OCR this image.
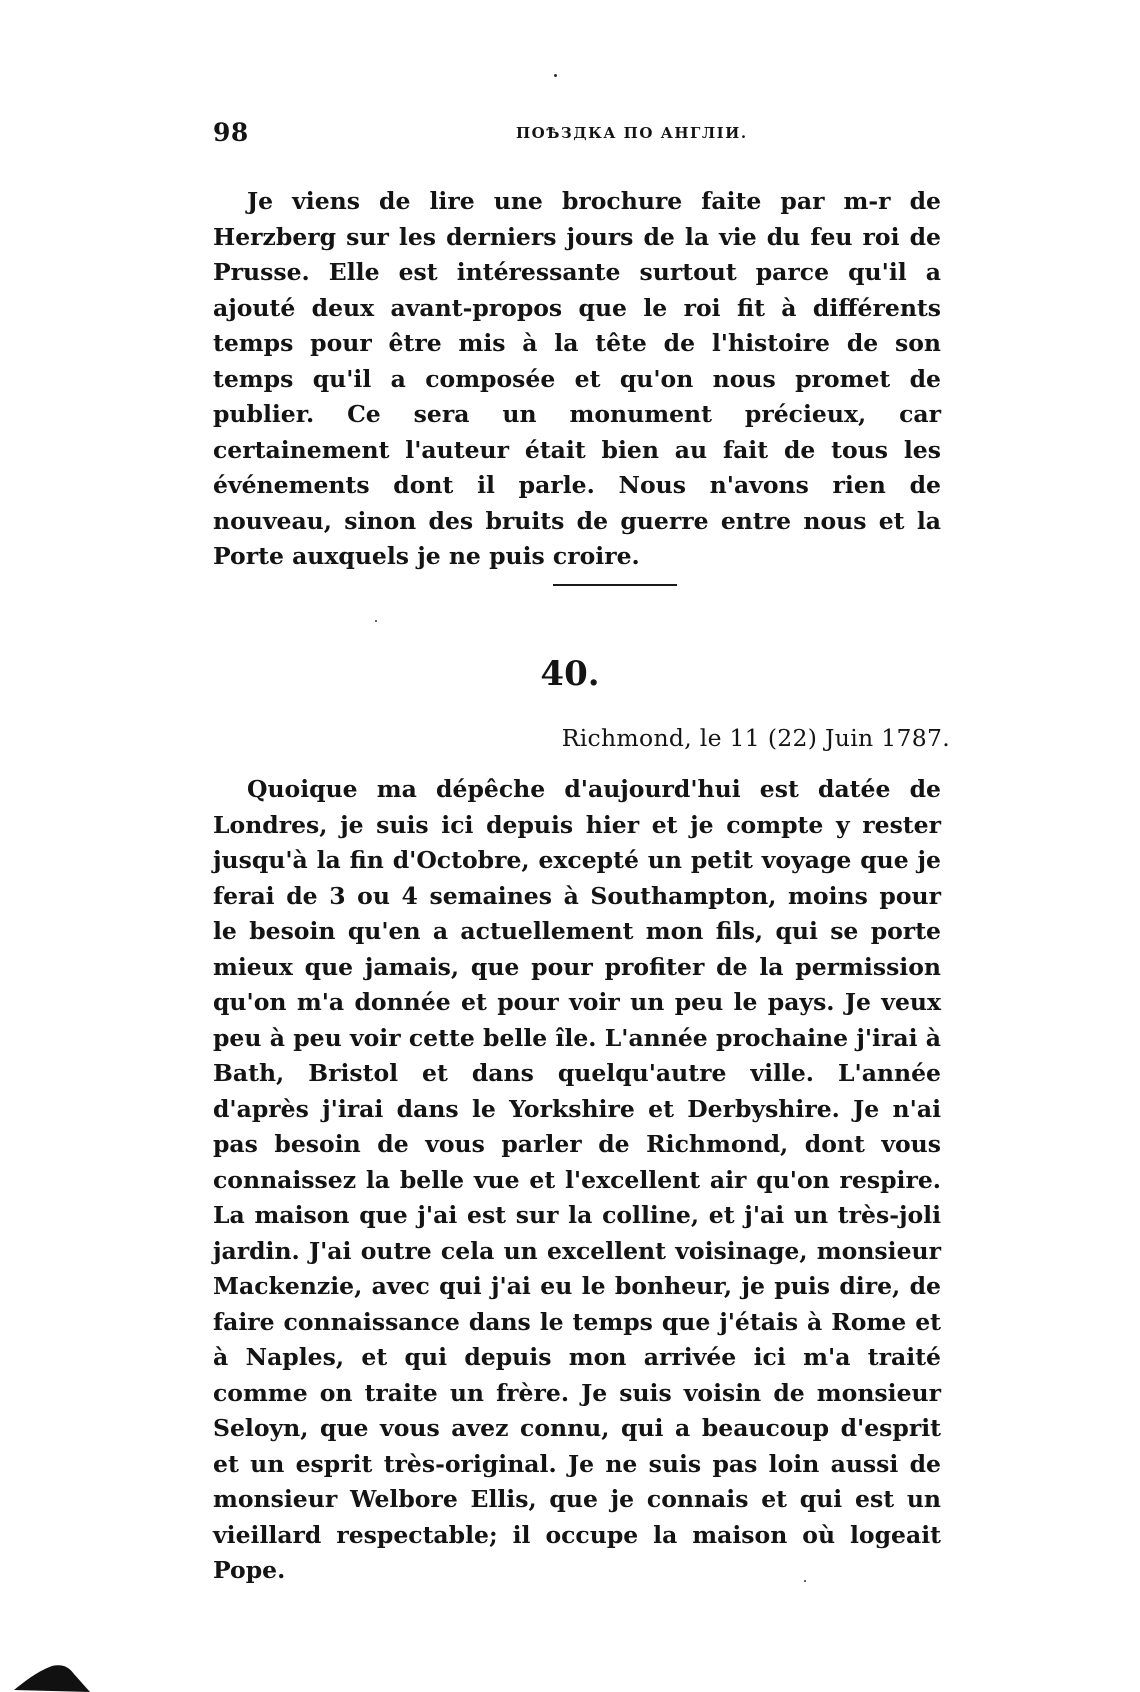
98	ПОѢЗДКА ПО АНГЛІИ.

Je viens de lire une brochure faite par m-r de Herzberg sur les derniers jours de la vie du feu roi de Prusse. Elle est intéressante surtout parce qu'il a ajouté deux avant-propos que le roi fit à différents temps pour être mis à la tête de l'histoire de son temps qu'il a composée et qu'on nous promet de publier. Ce sera un monument précieux, car certainement l'auteur était bien au fait de tous les événements dont il parle. Nous n'avons rien de nouveau, sinon des bruits de guerre entre nous et la Porte auxquels je ne puis croire.

40.
Richmond, le 11 (22) Juin 1787.

Quoique ma dépêche d'aujourd'hui est datée de Londres, je suis ici depuis hier et je compte y rester jusqu'à la fin d'Octobre, excepté un petit voyage que je ferai de 3 ou 4 semaines à Southampton, moins pour le besoin qu'en a actuellement mon fils, qui se porte mieux que jamais, que pour profiter de la permission qu'on m'a donnée et pour voir un peu le pays. Je veux peu à peu voir cette belle île. L'année prochaine j'irai à Bath, Bristol et dans quelqu'autre ville. L'année d'après j'irai dans le Yorkshire et Derbyshire. Je n'ai pas besoin de vous parler de Richmond, dont vous connaissez la belle vue et l'excellent air qu'on respire. La maison que j'ai est sur la colline, et j'ai un très-joli jardin. J'ai outre cela un excellent voisinage, monsieur Mackenzie, avec qui j'ai eu le bonheur, je puis dire, de faire connaissance dans le temps que j'étais à Rome et à Naples, et qui depuis mon arrivée ici m'a traité comme on traite un frère. Je suis voisin de monsieur Seloyn, que vous avez connu, qui a beaucoup d'esprit et un esprit très-original. Je ne suis pas loin aussi de monsieur Welbore Ellis, que je connais et qui est un vieillard respectable; il occupe la maison où logeait Pope.
